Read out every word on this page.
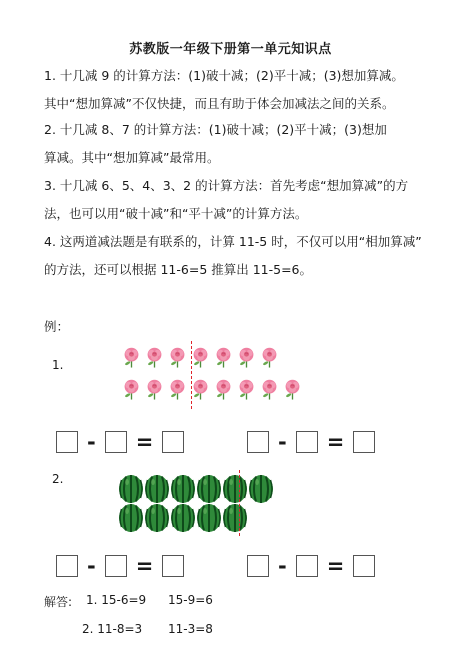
苏教版一年级下册第一单元知识点
1. 十几减 9 的计算方法：(1)破十减；(2)平十减；(3)想加算减。
其中“想加算减”不仅快捷，而且有助于体会加减法之间的关系。
2. 十几减 8、7 的计算方法：(1)破十减；(2)平十减；(3)想加
算减。其中“想加算减”最常用。
3. 十几减 6、5、4、3、2 的计算方法：首先考虑“想加算减”的方
法，也可以用“破十减”和“平十减”的计算方法。
4. 这两道减法题是有联系的，计算 11-5 时，不仅可以用“相加算减”
的方法，还可以根据 11-6=5 推算出 11-5=6。
例：
1.
- =	- =
2.
- =	- =
解答: 1. 15-6=9 15-9=6
2. 11-8=3 11-3=8
